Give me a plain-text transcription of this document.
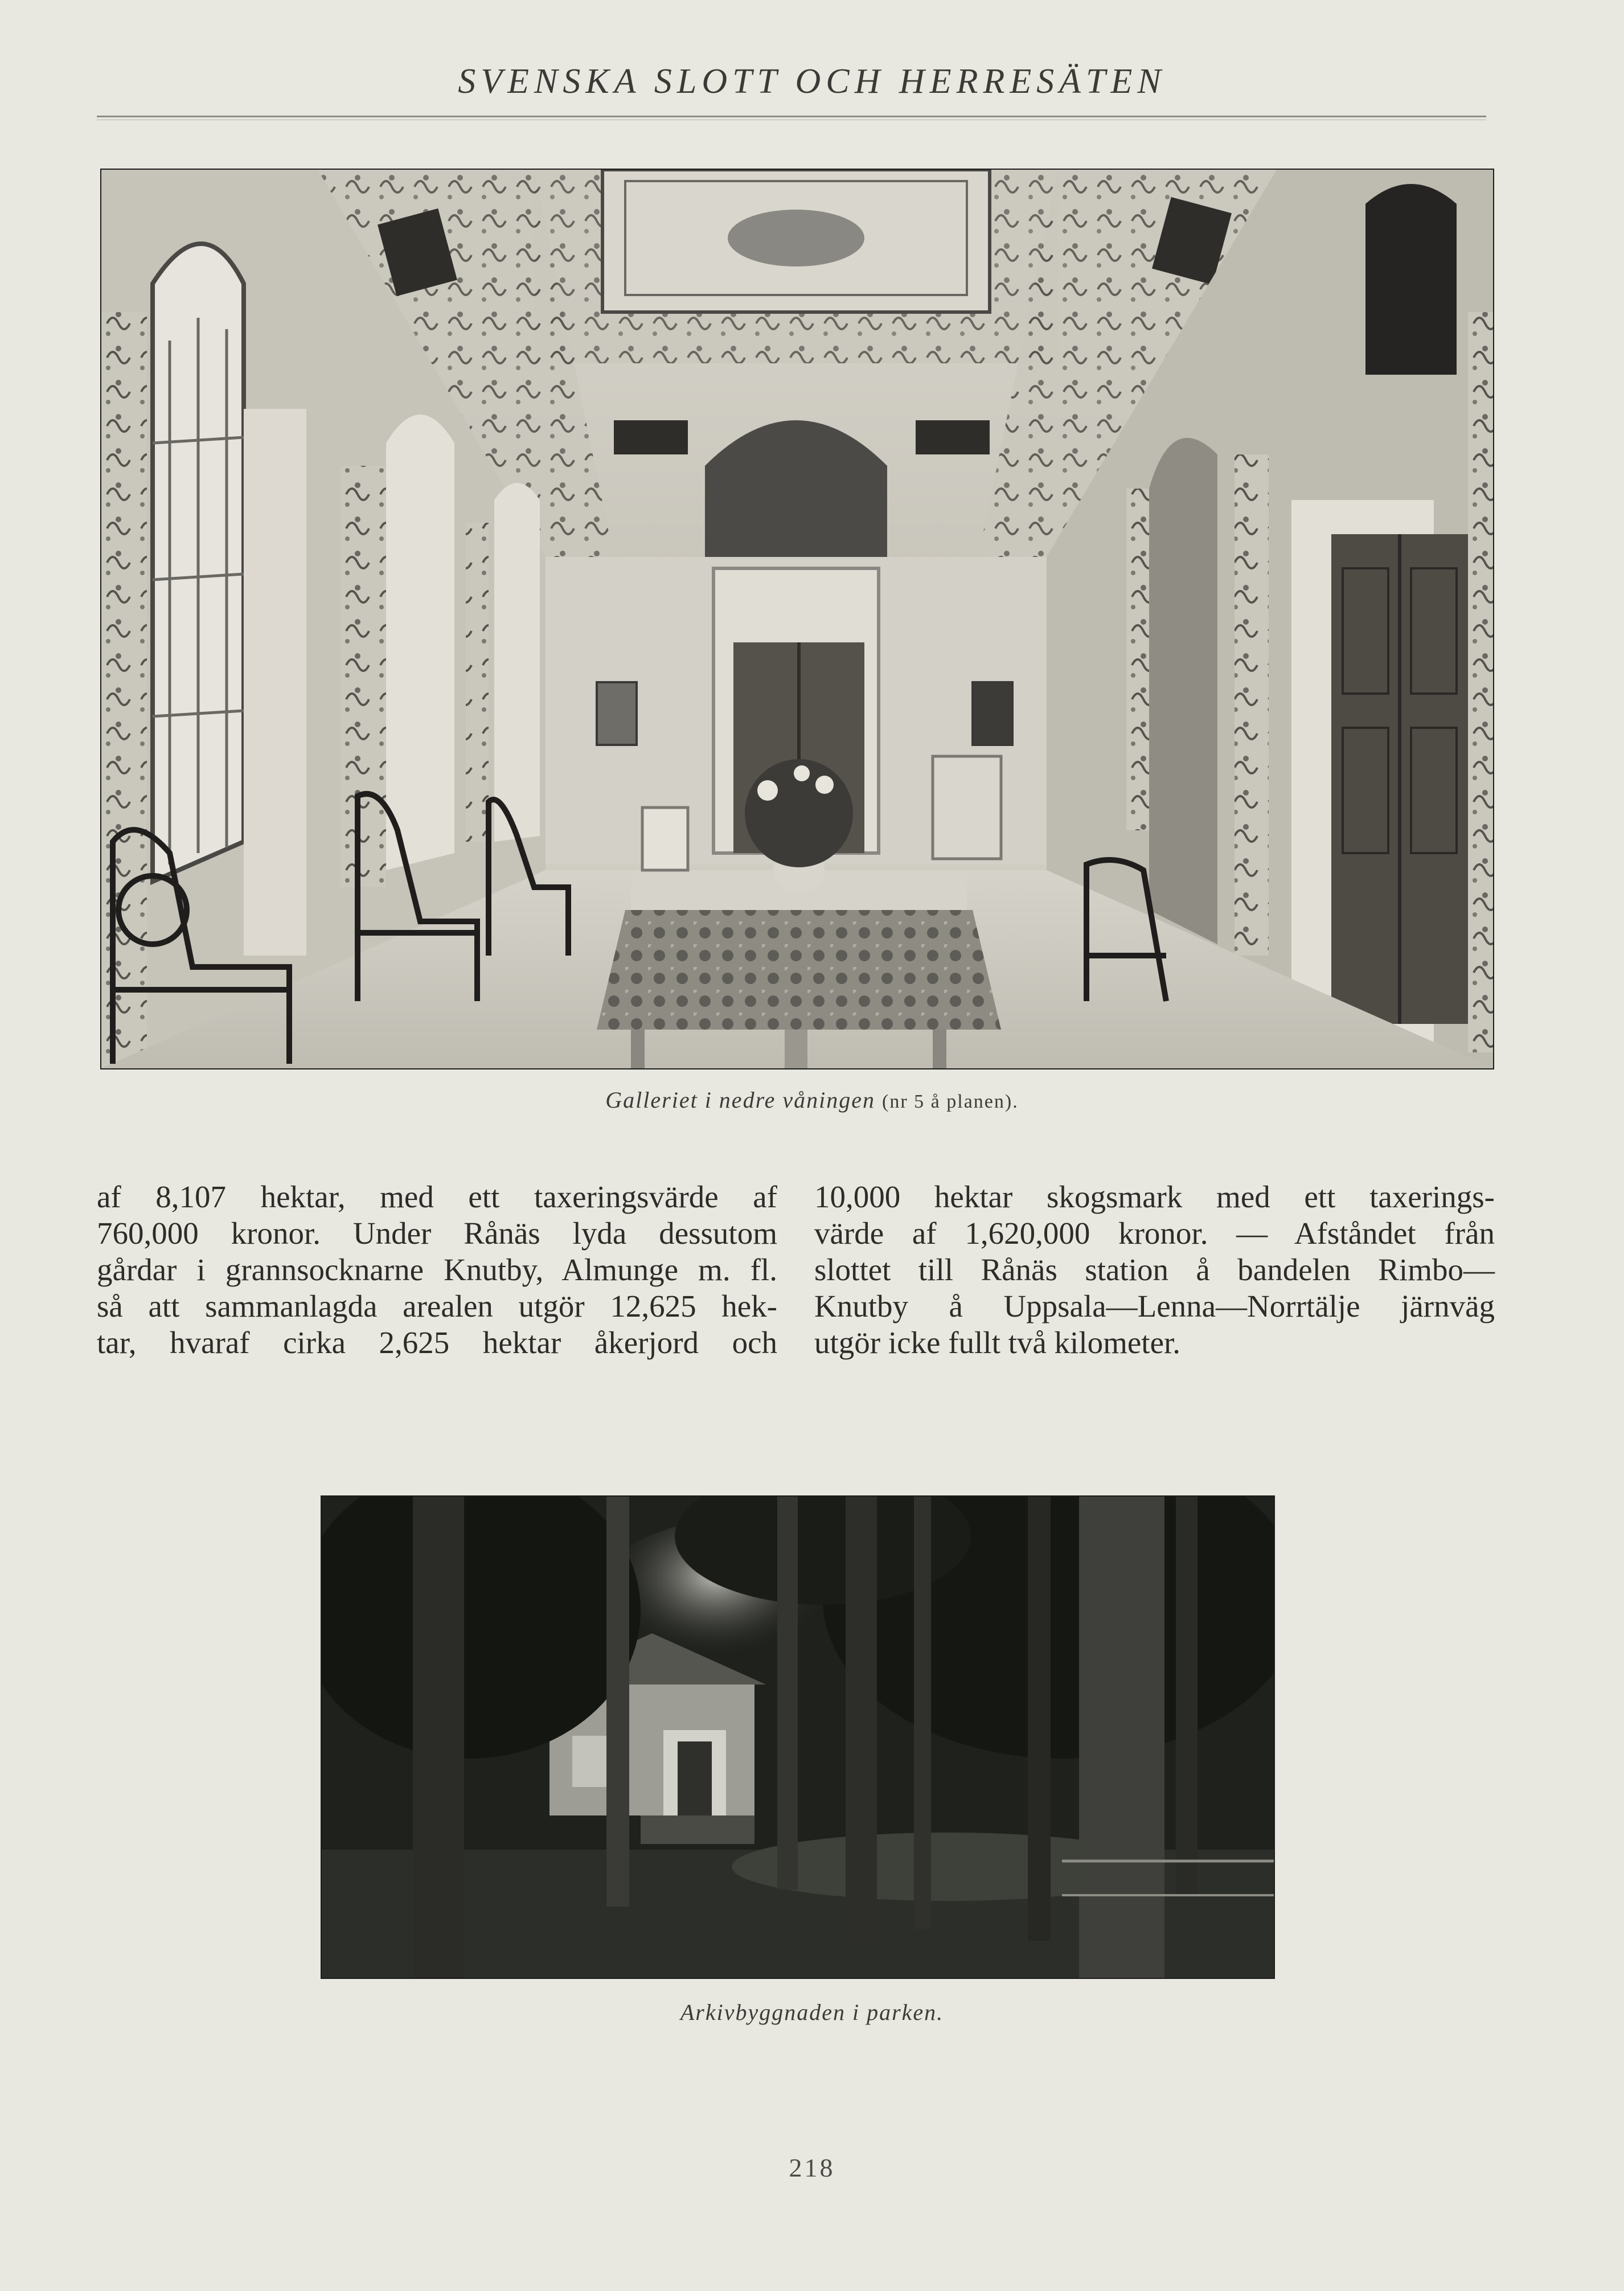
SVENSKA SLOTT OCH HERRESÄTEN
Galleriet i nedre våningen (nr 5 å planen).
af 8,107 hektar, med ett taxeringsvärde af
760,000 kronor. Under Rånäs lyda dessutom
gårdar i grannsocknarne Knutby, Almunge m. fl.
så att sammanlagda arealen utgör 12,625 hek-
tar, hvaraf cirka 2,625 hektar åkerjord och
10,000 hektar skogsmark med ett taxerings-
värde af 1,620,000 kronor. — Afståndet från
slottet till Rånäs station å bandelen Rimbo—
Knutby å Uppsala—Lenna—Norrtälje järnväg
utgör icke fullt två kilometer.
Arkivbyggnaden i parken.
218
